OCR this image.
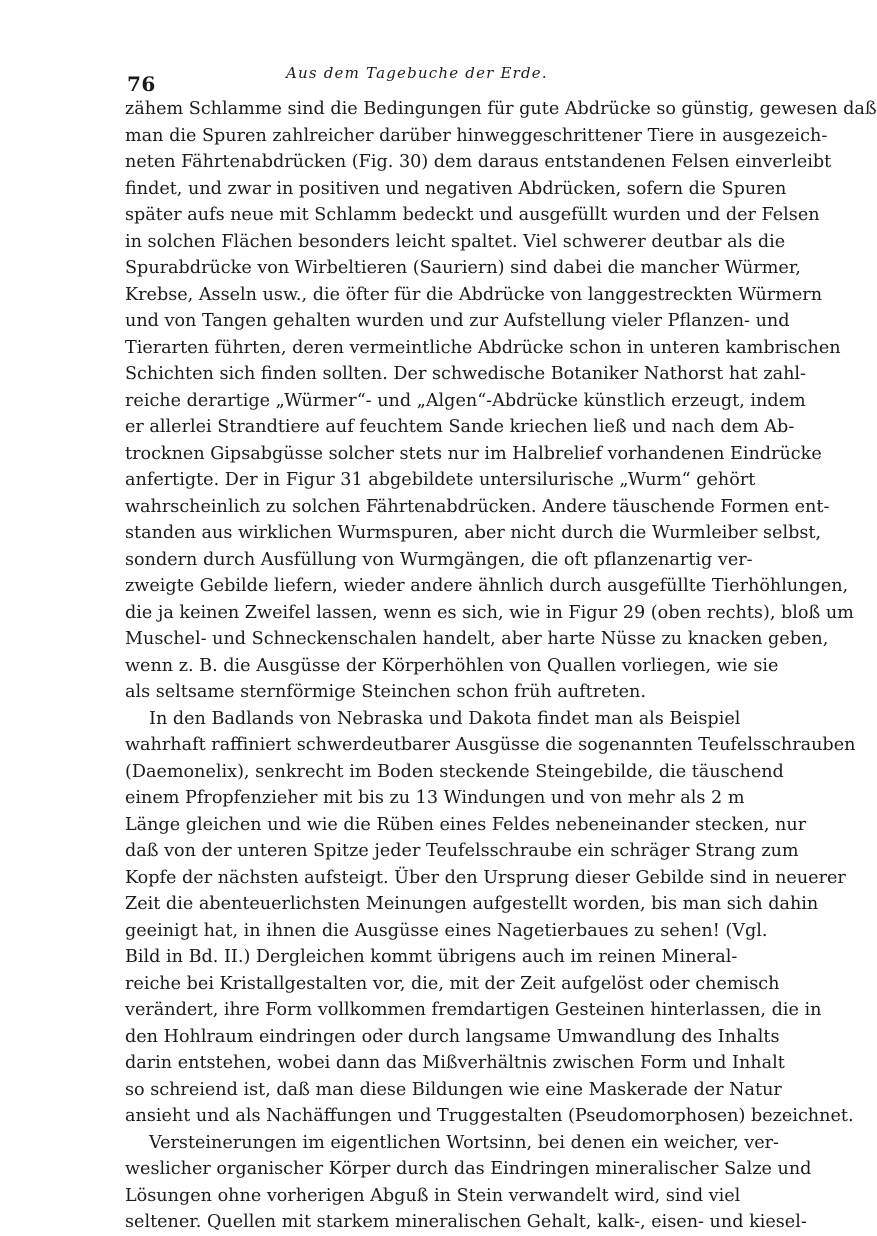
76	Aus dem Tagebuche der Erde.
zähem Schlamme sind die Bedingungen für gute Abdrücke so günstig, gewesen daß
man die Spuren zahlreicher darüber hinweggeschrittener Tiere in ausgezeich-
neten Fährtenabdrücken (Fig. 30) dem daraus entstandenen Felsen einverleibt
findet, und zwar in positiven und negativen Abdrücken, sofern die Spuren
später aufs neue mit Schlamm bedeckt und ausgefüllt wurden und der Felsen
in solchen Flächen besonders leicht spaltet. Viel schwerer deutbar als die
Spurabdrücke von Wirbeltieren (Sauriern) sind dabei die mancher Würmer,
Krebse, Asseln usw., die öfter für die Abdrücke von langgestreckten Würmern
und von Tangen gehalten wurden und zur Aufstellung vieler Pflanzen- und
Tierarten führten, deren vermeintliche Abdrücke schon in unteren kambrischen
Schichten sich finden sollten. Der schwedische Botaniker Nathorst hat zahl-
reiche derartige „Würmer“- und „Algen“-Abdrücke künstlich erzeugt, indem
er allerlei Strandtiere auf feuchtem Sande kriechen ließ und nach dem Ab-
trocknen Gipsabgüsse solcher stets nur im Halbrelief vorhandenen Eindrücke
anfertigte. Der in Figur 31 abgebildete untersilurische „Wurm“ gehört
wahrscheinlich zu solchen Fährtenabdrücken. Andere täuschende Formen ent-
standen aus wirklichen Wurmspuren, aber nicht durch die Wurmleiber selbst,
sondern durch Ausfüllung von Wurmgängen, die oft pflanzenartig ver-
zweigte Gebilde liefern, wieder andere ähnlich durch ausgefüllte Tierhöhlungen,
die ja keinen Zweifel lassen, wenn es sich, wie in Figur 29 (oben rechts), bloß um
Muschel- und Schneckenschalen handelt, aber harte Nüsse zu knacken geben,
wenn z. B. die Ausgüsse der Körperhöhlen von Quallen vorliegen, wie sie
als seltsame sternförmige Steinchen schon früh auftreten.
In den Badlands von Nebraska und Dakota findet man als Beispiel
wahrhaft raffiniert schwerdeutbarer Ausgüsse die sogenannten Teufelsschrauben
(Daemonelix), senkrecht im Boden steckende Steingebilde, die täuschend
einem Pfropfenzieher mit bis zu 13 Windungen und von mehr als 2 m
Länge gleichen und wie die Rüben eines Feldes nebeneinander stecken, nur
daß von der unteren Spitze jeder Teufelsschraube ein schräger Strang zum
Kopfe der nächsten aufsteigt. Über den Ursprung dieser Gebilde sind in neuerer
Zeit die abenteuerlichsten Meinungen aufgestellt worden, bis man sich dahin
geeinigt hat, in ihnen die Ausgüsse eines Nagetierbaues zu sehen! (Vgl.
Bild in Bd. II.) Dergleichen kommt übrigens auch im reinen Mineral-
reiche bei Kristallgestalten vor, die, mit der Zeit aufgelöst oder chemisch
verändert, ihre Form vollkommen fremdartigen Gesteinen hinterlassen, die in
den Hohlraum eindringen oder durch langsame Umwandlung des Inhalts
darin entstehen, wobei dann das Mißverhältnis zwischen Form und Inhalt
so schreiend ist, daß man diese Bildungen wie eine Maskerade der Natur
ansieht und als Nachäffungen und Truggestalten (Pseudomorphosen) bezeichnet.
Versteinerungen im eigentlichen Wortsinn, bei denen ein weicher, ver-
weslicher organischer Körper durch das Eindringen mineralischer Salze und
Lösungen ohne vorherigen Abguß in Stein verwandelt wird, sind viel
seltener. Quellen mit starkem mineralischen Gehalt, kalk-, eisen- und kiesel-
